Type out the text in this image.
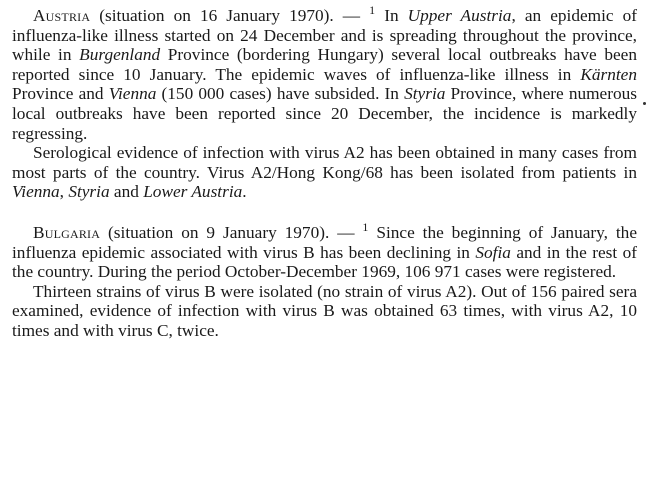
Austria (situation on 16 January 1970). — $^1$ In Upper Austria, an epidemic of influenza-like illness started on 24 December and is spreading throughout the province, while in Burgenland Province (bordering Hungary) several local outbreaks have been reported since 10 January. The epidemic waves of influenza-like illness in Kärnten Province and Vienna (150 000 cases) have subsided. In Styria Province, where numerous local outbreaks have been reported since 20 December, the incidence is markedly regressing.

Serological evidence of infection with virus A2 has been obtained in many cases from most parts of the country. Virus A2/Hong Kong/68 has been isolated from patients in Vienna, Styria and Lower Austria.

Bulgaria (situation on 9 January 1970). — $^1$ Since the beginning of January, the influenza epidemic associated with virus B has been declining in Sofia and in the rest of the country. During the period October-December 1969, 106 971 cases were registered.

Thirteen strains of virus B were isolated (no strain of virus A2). Out of 156 paired sera examined, evidence of infection with virus B was obtained 63 times, with virus A2, 10 times and with virus C, twice.
